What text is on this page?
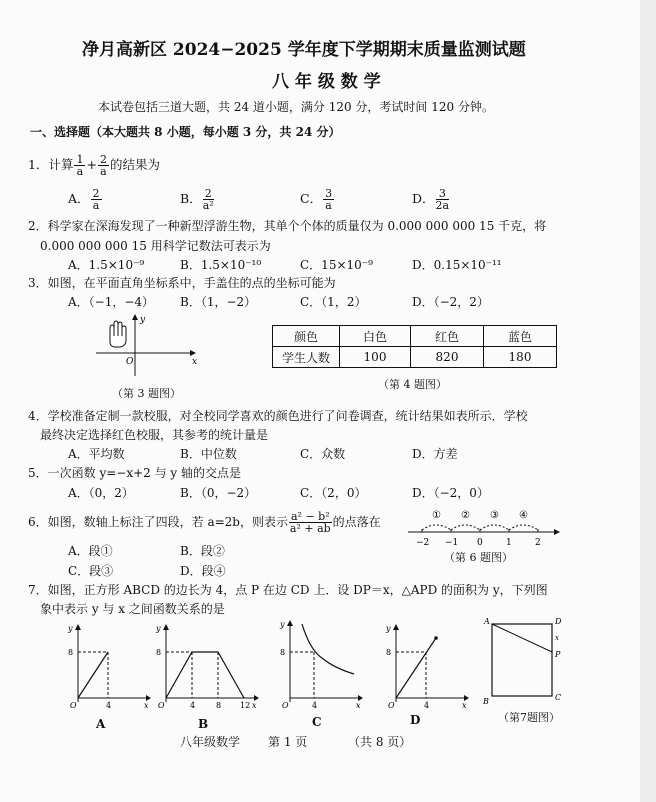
净月高新区 2024−2025 学年度下学期期末质量监测试题
八 年 级 数 学
本试卷包括三道大题，共 24 道小题，满分 120 分，考试时间 120 分钟。
一、选择题（本大题共 8 小题，每小题 3 分，共 24 分）
1．计算 $\frac{1}{a} + \frac{2}{a}$ 的结果为
A． $\frac{2}{a}$	B． $\frac{2}{\text{a²}}$	C． $\frac{3}{a}$	D． $\frac{3}{2a}$
2．科学家在深海发现了一种新型浮游生物，其单个个体的质量仅为 0.000 000 000 15 千克，将
0.000 000 000 15 用科学记数法可表示为
A．1.5×10⁻⁹	B．1.5×10⁻¹⁰	C．15×10⁻⁹	D．0.15×10⁻¹¹
3．如图，在平面直角坐标系中，手盖住的点的坐标可能为
A．（−1，−4） B．（1，−2）	C．（1，2）	D．（−2，2）
y
x
O
（第 3 题图）
颜色	白色	红色	蓝色
学生人数	100	820	180
（第 4 题图）
4．学校准备定制一款校服，对全校同学喜欢的颜色进行了问卷调查，统计结果如表所示．学校
最终决定选择红色校服，其参考的统计量是
A．平均数	B．中位数	C．众数	D．方差
5．一次函数 y=−x+2 与 y 轴的交点是
A．（0，2）	B．（0，−2）	C．（2，0）	D．（−2，0）
6．如图，数轴上标注了四段，若 a=2b，则表示 $\frac{\text{a² − b²}}{\text{a² + ab}}$ 的点落在
A．段①	B．段②
C．段③	D．段④
① ② ③ ④
−2 −1 0	1	2
（第 6 题图）
7．如图，正方形 ABCD 的边长为 4，点 P 在边 CD 上．设 DP＝x，△APD 的面积为 y，下列图
象中表示 y 与 x 之间函数关系的是
y
8
O	4	x
A
y
8
O	4	8 12 x
B
y
8
O	4	x
C
y
8
O	4	x
D
A	D
x
P
B	C
（第7题图）
八年级数学 第 1 页	（共 8 页）
